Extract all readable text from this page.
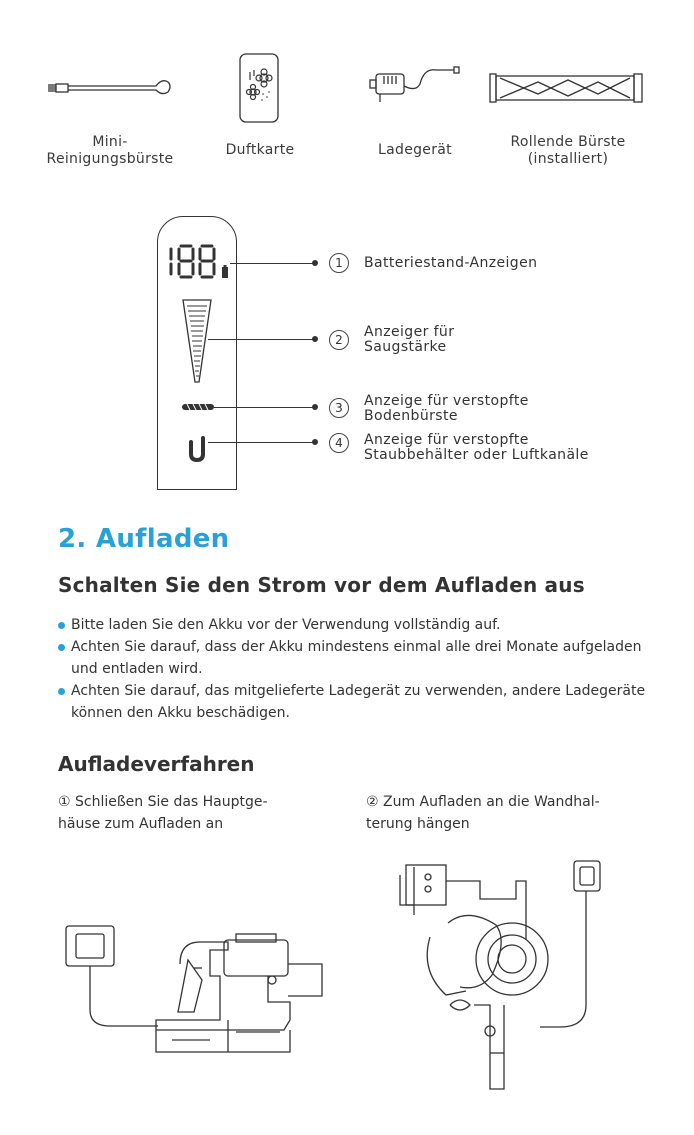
Mini-
Reinigungsbürste
Duftkarte	Ladegerät	Rollende Bürste
(installiert)
1
2
3
4
Batteriestand-Anzeigen
Anzeiger für
Saugstärke
Anzeige für verstopfte
Bodenbürste
Anzeige für verstopfte
Staubbehälter oder Luftkanäle
2. Aufladen
Schalten Sie den Strom vor dem Aufladen aus
Bitte laden Sie den Akku vor der Verwendung vollständig auf.
Achten Sie darauf, dass der Akku mindestens einmal alle drei Monate aufgeladen und entladen wird.
Achten Sie darauf, das mitgelieferte Ladegerät zu verwenden, andere Ladegeräte können den Akku beschädigen.
Aufladeverfahren
① Schließen Sie das Hauptge-
häuse zum Aufladen an
② Zum Aufladen an die Wandhal-
terung hängen
